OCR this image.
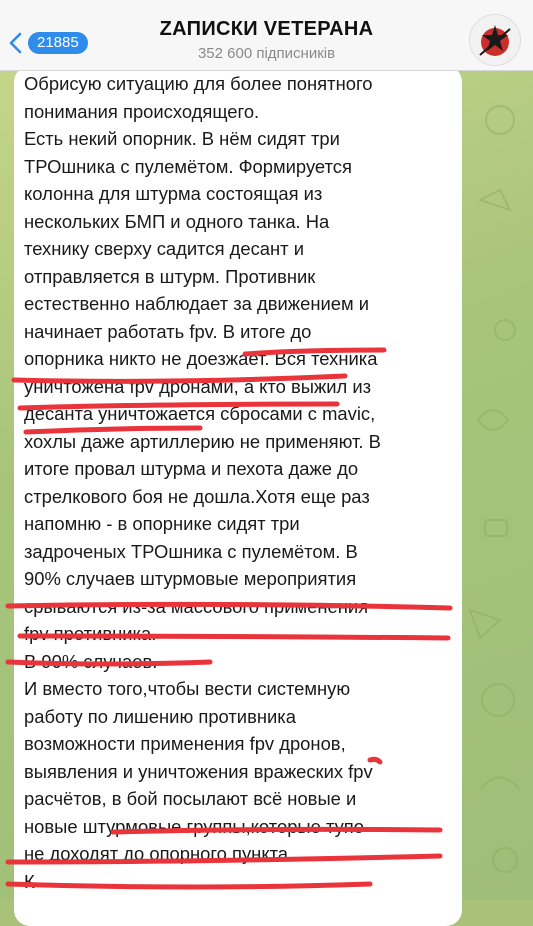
21885
ZАПИСКИ VЕТЕРАНА
352 600 підписників
Обрисую ситуацию для более понятного
понимания происходящего.
Есть некий опорник. В нём сидят три
ТРОшника с пулемётом. Формируется
колонна для штурма состоящая из
нескольких БМП и одного танка. На
технику сверху садится десант и
отправляется в штурм. Противник
естественно наблюдает за движением и
начинает работать fpv. В итоге до
опорника никто не доезжает. Вся техника
уничтожена fpv дронами, а кто выжил из
десанта уничтожается сбросами с mavic,
хохлы даже артиллерию не применяют. В
итоге провал штурма и пехота даже до
стрелкового боя не дошла.Хотя еще раз
напомню - в опорнике сидят три
задроченых ТРОшника с пулемётом. В
90% случаев штурмовые мероприятия
срываются из-за массового применения
fpv противника.
В 90% случаев.
И вместо того,чтобы вести системную
работу по лишению противника
возможности применения fpv дронов,
выявления и уничтожения вражеских fpv
расчётов, в бой посылают всё новые и
новые штурмовые группы,которые тупо
не доходят до опорного пункта.
К
